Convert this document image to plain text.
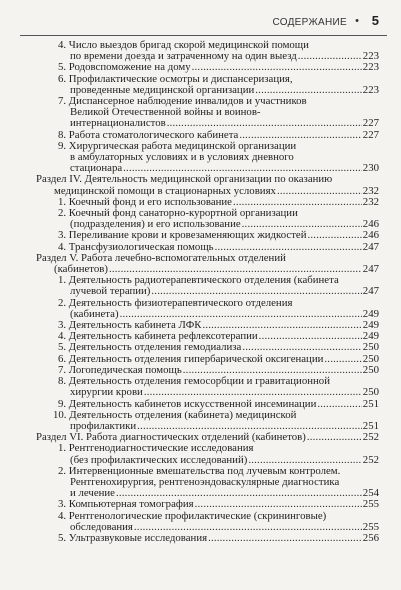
СОДЕРЖАНИЕ • 5
4. Число выездов бригад скорой медицинской помощи
по времени доезда и затраченному на один выезд .....	223
5. Родовспоможение на дому .....	223
6. Профилактические осмотры и диспансеризация,
проведенные медицинской организации .....	223
7. Диспансерное наблюдение инвалидов и участников
Великой Отечественной войны и воинов-
интернационалистов .....	227
8. Работа стоматологического кабинета .....	227
9. Хирургическая работа медицинской организации
в амбулаторных условиях и в условиях дневного
стационара .....	230
Раздел IV. Деятельность медицинской организации по оказанию
медицинской помощи в стационарных условиях .....	232
1. Коечный фонд и его использование .....	232
2. Коечный фонд санаторно-курортной организации
(подразделения) и его использование .....	246
3. Переливание крови и кровезаменяющих жидкостей .....	246
4. Трансфузиологическая помощь .....	247
Раздел V. Работа лечебно-вспомогательных отделений
(кабинетов) .....	247
1. Деятельность радиотерапевтического отделения (кабинета
лучевой терапии) .....	247
2. Деятельность физиотерапевтического отделения
(кабинета) .....	249
3. Деятельность кабинета ЛФК .....	249
4. Деятельность кабинета рефлексотерапии .....	249
5. Деятельность отделения гемодиализа .....	250
6. Деятельность отделения гипербарической оксигенации .....	250
7. Логопедическая помощь .....	250
8. Деятельность отделения гемосорбции и гравитационной
хирургии крови .....	250
9. Деятельность кабинетов искусственной инсеминации .....	251
10. Деятельность отделения (кабинета) медицинской
профилактики .....	251
Раздел VI. Работа диагностических отделений (кабинетов) .....	252
1. Рентгенодиагностические исследования
(без профилактических исследований) .....	252
2. Интервенционные вмешательства под лучевым контролем.
Рентгенохирургия, рентгеноэндоваскулярные диагностика
и лечение .....	254
3. Компьютерная томография .....	255
4. Рентгенологические профилактические (скрининговые)
обследования .....	255
5. Ультразвуковые исследования .....	256
